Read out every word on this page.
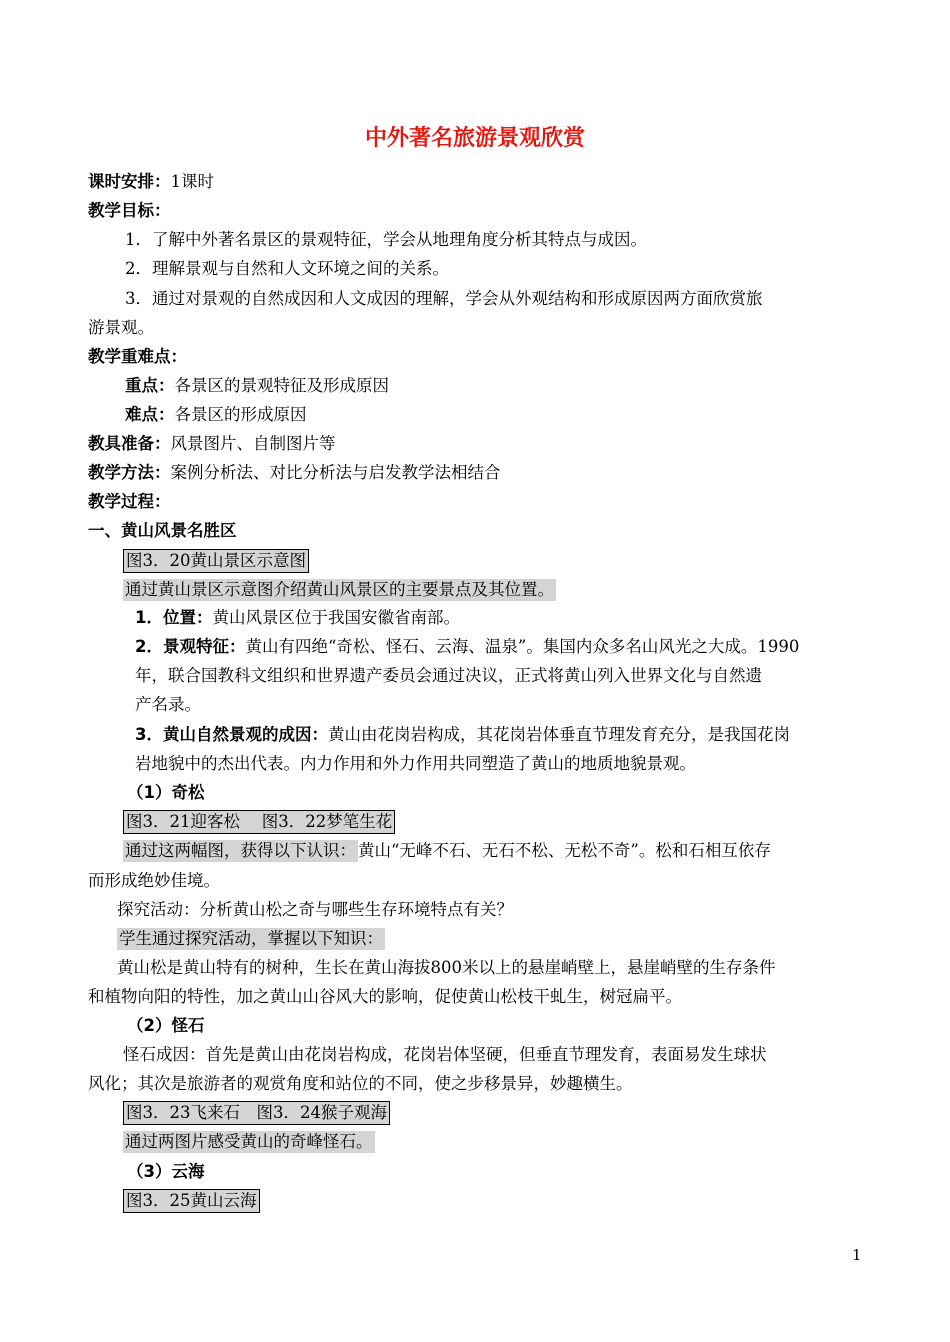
中外著名旅游景观欣赏
课时安排：1课时
教学目标：
1．了解中外著名景区的景观特征，学会从地理角度分析其特点与成因。
2．理解景观与自然和人文环境之间的关系。
3．通过对景观的自然成因和人文成因的理解，学会从外观结构和形成原因两方面欣赏旅
游景观。
教学重难点：
重点：各景区的景观特征及形成原因
难点：各景区的形成原因
教具准备：风景图片、自制图片等
教学方法：案例分析法、对比分析法与启发教学法相结合
教学过程：
一、黄山风景名胜区
图3．20黄山景区示意图
通过黄山景区示意图介绍黄山风景区的主要景点及其位置。
1．位置：黄山风景区位于我国安徽省南部。
2．景观特征：黄山有四绝“奇松、怪石、云海、温泉”。集国内众多名山风光之大成。1990
年，联合国教科文组织和世界遗产委员会通过决议，正式将黄山列入世界文化与自然遗
产名录。
3．黄山自然景观的成因：黄山由花岗岩构成，其花岗岩体垂直节理发育充分，是我国花岗
岩地貌中的杰出代表。内力作用和外力作用共同塑造了黄山的地质地貌景观。
（1）奇松
图3．21迎客松　 图3．22梦笔生花
通过这两幅图，获得以下认识： 黄山“无峰不石、无石不松、无松不奇”。松和石相互依存
而形成绝妙佳境。
探究活动：分析黄山松之奇与哪些生存环境特点有关？
学生通过探究活动，掌握以下知识：
黄山松是黄山特有的树种，生长在黄山海拔800米以上的悬崖峭壁上，悬崖峭壁的生存条件
和植物向阳的特性，加之黄山山谷风大的影响，促使黄山松枝干虬生，树冠扁平。
（2）怪石
怪石成因：首先是黄山由花岗岩构成，花岗岩体坚硬，但垂直节理发育，表面易发生球状
风化；其次是旅游者的观赏角度和站位的不同，使之步移景异，妙趣横生。
图3．23飞来石　图3．24猴子观海
通过两图片感受黄山的奇峰怪石。
（3）云海
图3．25黄山云海
1
